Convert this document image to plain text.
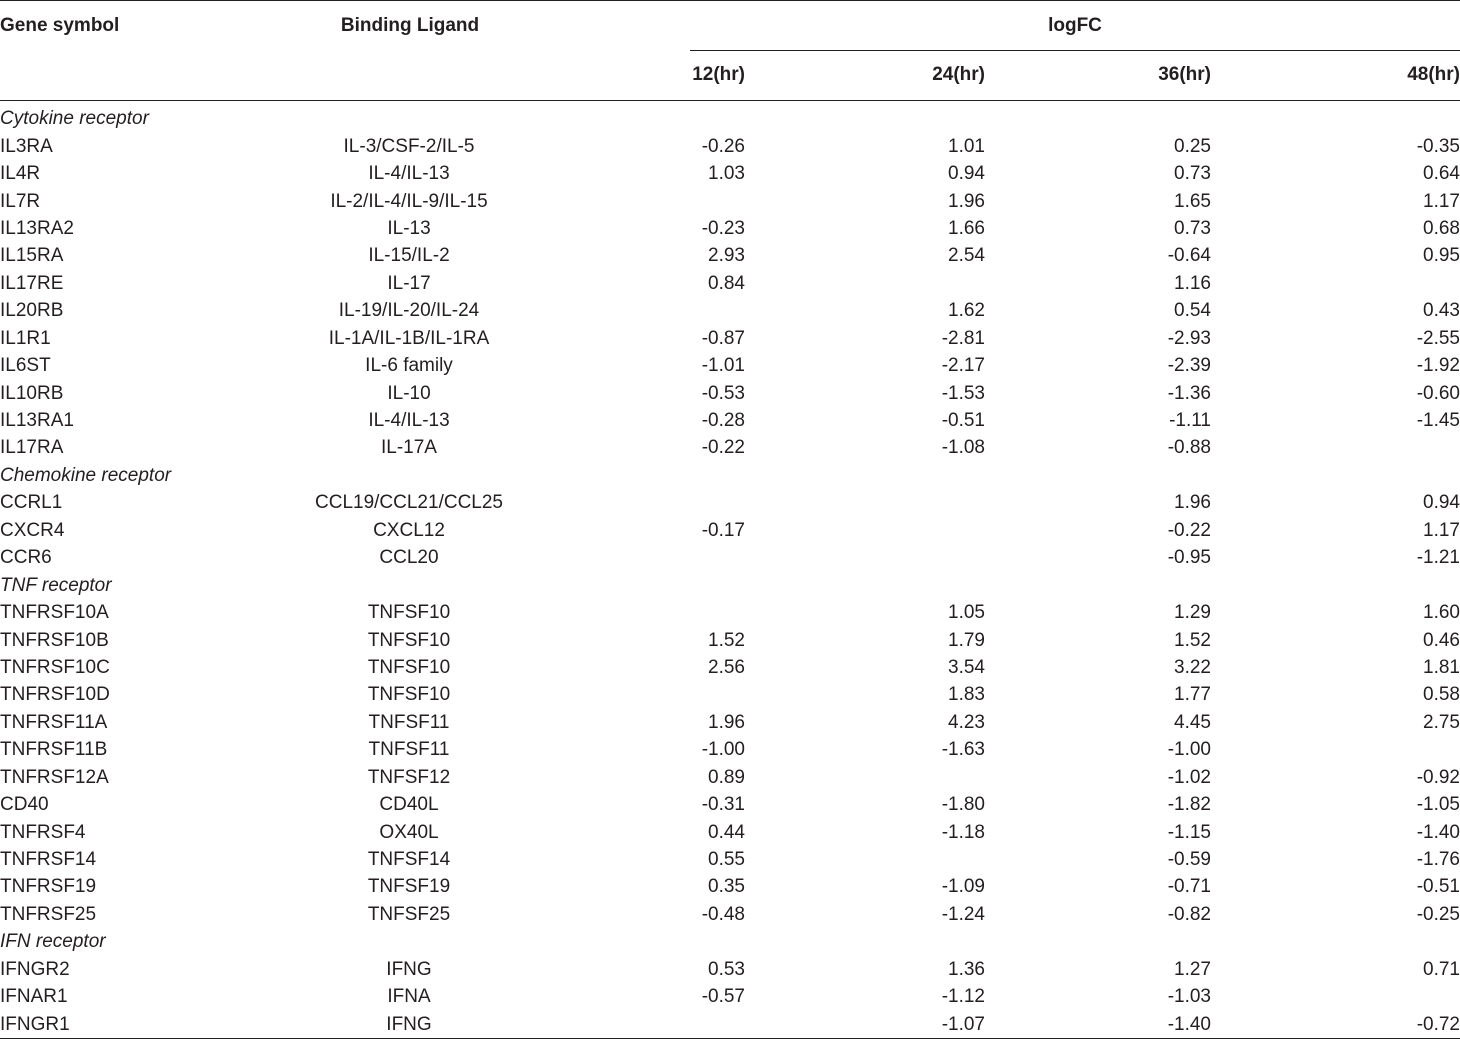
Gene symbol	Binding Ligand	logFC			

		12(hr)	24(hr)	36(hr)	48(hr)
Cytokine receptor					
IL3RA	IL-3/CSF-2/IL-5	-0.26	1.01	0.25	-0.35
IL4R	IL-4/IL-13	1.03	0.94	0.73	0.64
IL7R	IL-2/IL-4/IL-9/IL-15		1.96	1.65	1.17
IL13RA2	IL-13	-0.23	1.66	0.73	0.68
IL15RA	IL-15/IL-2	2.93	2.54	-0.64	0.95
IL17RE	IL-17	0.84		1.16	
IL20RB	IL-19/IL-20/IL-24		1.62	0.54	0.43
IL1R1	IL-1A/IL-1B/IL-1RA	-0.87	-2.81	-2.93	-2.55
IL6ST	IL-6 family	-1.01	-2.17	-2.39	-1.92
IL10RB	IL-10	-0.53	-1.53	-1.36	-0.60
IL13RA1	IL-4/IL-13	-0.28	-0.51	-1.11	-1.45
IL17RA	IL-17A	-0.22	-1.08	-0.88	
Chemokine receptor					
CCRL1	CCL19/CCL21/CCL25			1.96	0.94
CXCR4	CXCL12	-0.17		-0.22	1.17
CCR6	CCL20			-0.95	-1.21
TNF receptor					
TNFRSF10A	TNFSF10		1.05	1.29	1.60
TNFRSF10B	TNFSF10	1.52	1.79	1.52	0.46
TNFRSF10C	TNFSF10	2.56	3.54	3.22	1.81
TNFRSF10D	TNFSF10		1.83	1.77	0.58
TNFRSF11A	TNFSF11	1.96	4.23	4.45	2.75
TNFRSF11B	TNFSF11	-1.00	-1.63	-1.00	
TNFRSF12A	TNFSF12	0.89		-1.02	-0.92
CD40	CD40L	-0.31	-1.80	-1.82	-1.05
TNFRSF4	OX40L	0.44	-1.18	-1.15	-1.40
TNFRSF14	TNFSF14	0.55		-0.59	-1.76
TNFRSF19	TNFSF19	0.35	-1.09	-0.71	-0.51
TNFRSF25	TNFSF25	-0.48	-1.24	-0.82	-0.25
IFN receptor					
IFNGR2	IFNG	0.53	1.36	1.27	0.71
IFNAR1	IFNA	-0.57	-1.12	-1.03	
IFNGR1	IFNG		-1.07	-1.40	-0.72
